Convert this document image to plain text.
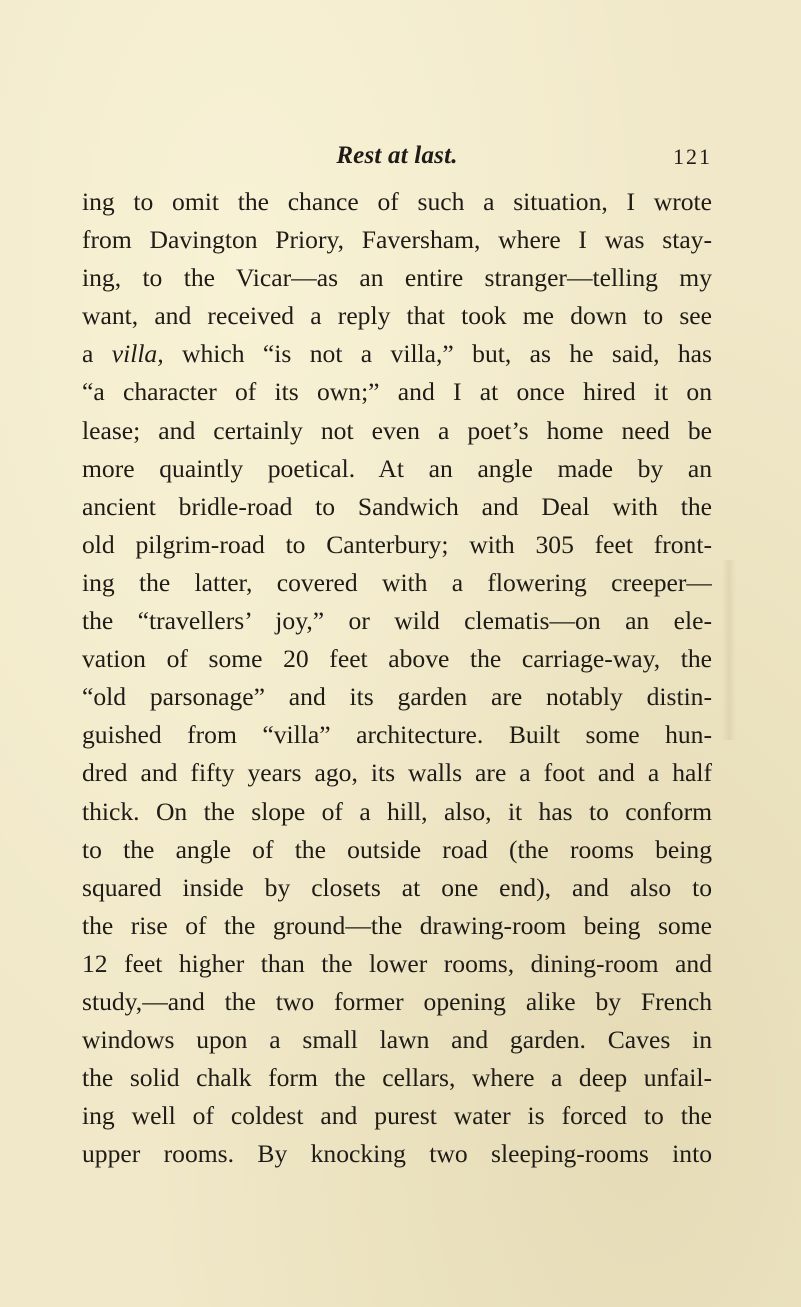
Rest at last.	121
ing to omit the chance of such a situation, I wrote
from Davington Priory, Faversham, where I was stay-
ing, to the Vicar—as an entire stranger—telling my
want, and received a reply that took me down to see
a villa, which “is not a villa,” but, as he said, has
“a character of its own;” and I at once hired it on
lease; and certainly not even a poet’s home need be
more quaintly poetical. At an angle made by an
ancient bridle-road to Sandwich and Deal with the
old pilgrim-road to Canterbury; with 305 feet front-
ing the latter, covered with a flowering creeper—
the “travellers’ joy,” or wild clematis—on an ele-
vation of some 20 feet above the carriage-way, the
“old parsonage” and its garden are notably distin-
guished from “villa” architecture. Built some hun-
dred and fifty years ago, its walls are a foot and a half
thick. On the slope of a hill, also, it has to conform
to the angle of the outside road (the rooms being
squared inside by closets at one end), and also to
the rise of the ground—the drawing-room being some
12 feet higher than the lower rooms, dining-room and
study,—and the two former opening alike by French
windows upon a small lawn and garden. Caves in
the solid chalk form the cellars, where a deep unfail-
ing well of coldest and purest water is forced to the
upper rooms. By knocking two sleeping-rooms into
